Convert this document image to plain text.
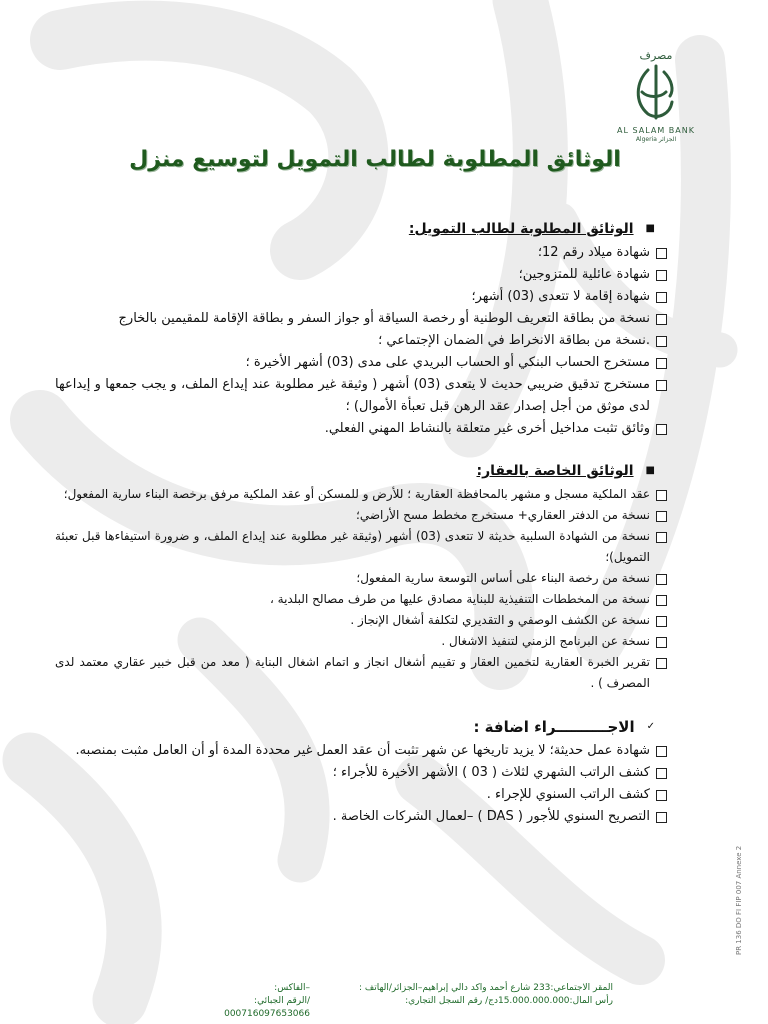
مصرف
AL SALAM BANK
Algeria الجزائر
الوثائق المطلوبة لطالب التمويل لتوسيع منزل
■
الوثائق المطلوبة لطالب التمويل:
شهادة ميلاد رقم 12؛
شهادة عائلية للمتزوجين؛
شهادة إقامة لا تتعدى (03) أشهر؛
نسخة من بطاقة التعريف الوطنية أو رخصة السياقة أو جواز السفر و بطاقة الإقامة للمقيمين بالخارج
.نسخة من بطاقة الانخراط في الضمان الإجتماعي ؛
مستخرج الحساب البنكي أو الحساب البريدي على مدى (03) أشهر الأخيرة ؛
مستخرج تدقيق ضريبي حديث لا يتعدى (03) أشهر ( وثيقة غير مطلوبة عند إيداع الملف، و يجب جمعها و إيداعها لدى موثق من أجل إصدار عقد الرهن قبل تعبأة الأموال) ؛
وثائق تثبت مداخيل أخرى غير متعلقة بالنشاط المهني الفعلي.
■
الوثائق الخاصة بالعقار:
عقد الملكية مسجل و مشهر بالمحافظة العقارية ؛ للأرض و للمسكن أو عقد الملكية مرفق برخصة البناء سارية المفعول؛
نسخة من الدفتر العقاري+ مستخرج مخطط مسح الأراضي؛
نسخة من الشهادة السلبية حديثة لا تتعدى (03) أشهر (وثيقة غير مطلوبة عند إيداع الملف، و ضرورة استيفاءها قبل تعبئة التمويل)؛
نسخة من رخصة البناء على أساس التوسعة سارية المفعول؛
نسخة من المخططات التنفيذية للبناية مصادق عليها من طرف مصالح البلدية ،
نسخة عن الكشف الوصفي و التقديري لتكلفة أشغال الإنجاز .
نسخة عن البرنامج الزمني لتنفيذ الاشغال .
تقرير الخبرة العقارية لتخمين العقار و تقييم أشغال انجاز و اتمام اشغال البناية ( معد من قبل خبير عقاري معتمد لدى المصرف ) .
✓
الاجــــــــــراء اضافة :
شهادة عمل حديثة؛ لا يزيد تاريخها عن شهر تثبت أن عقد العمل غير محددة المدة أو أن العامل مثبت بمنصبه.
كشف الراتب الشهري لثلاث ( 03 ) الأشهر الأخيرة للأجراء ؛
كشف الراتب السنوي للإجراء .
التصريح السنوي للأجور ( DAS ) –لعمال الشركات الخاصة .
PR 136 DO FI FIP 007 Annexe 2
المقر الاجتماعي:233 شارع أحمد واكد دالي إبراهيم–الجزائر/الهاتف :
رأس المال:15.000.000.000دج/ رقم السجل التجاري:
–الفاكس:
/الرقم الجبائي: 000716097653066
